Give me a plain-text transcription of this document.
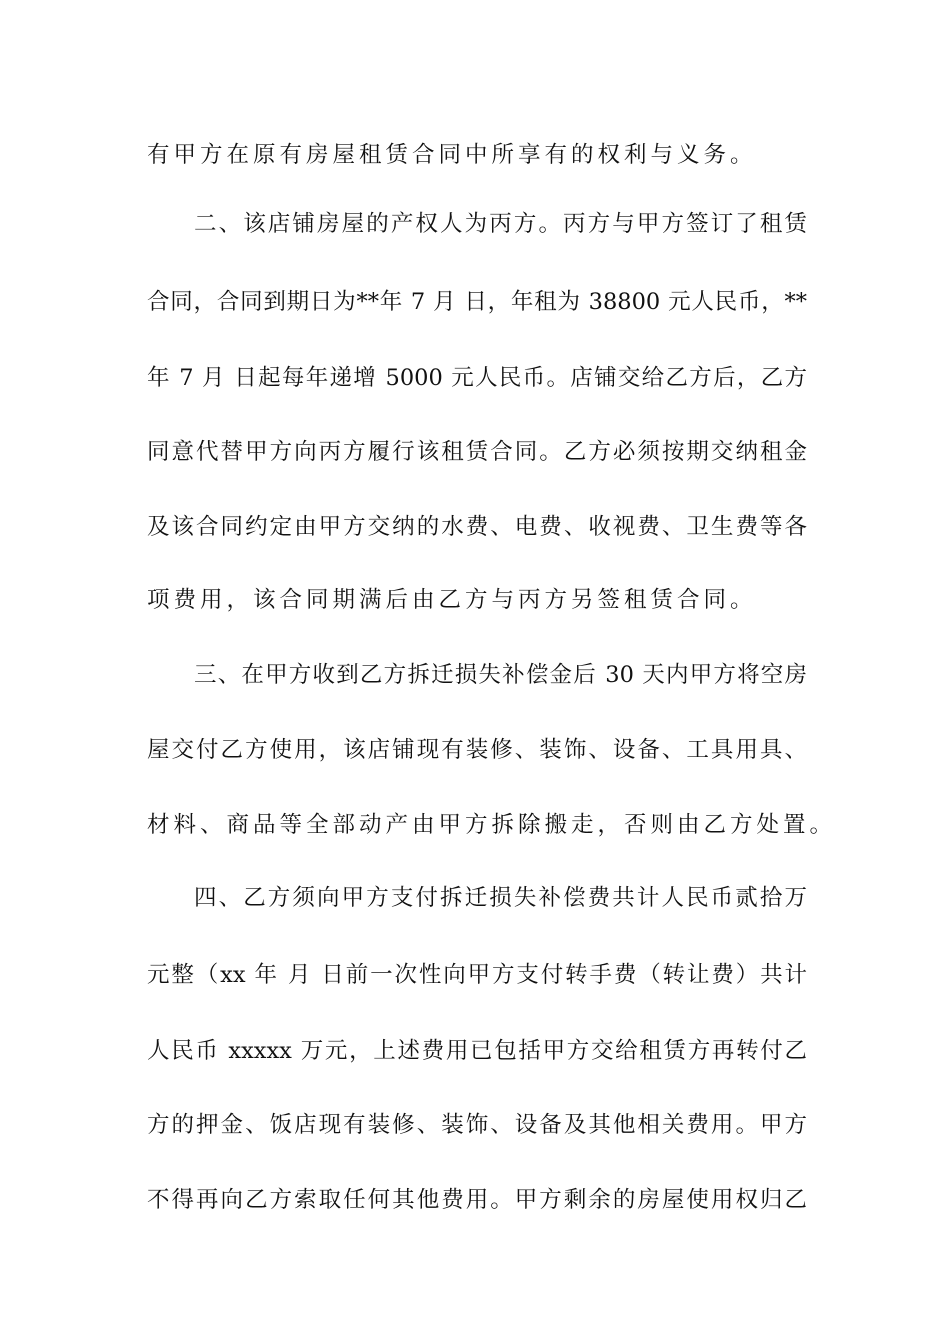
有甲方在原有房屋租赁合同中所享有的权利与义务。
二、该店铺房屋的产权人为丙方。丙方与甲方签订了租赁
合同，合同到期日为**年 7 月 日，年租为 38800 元人民币，**
年 7 月 日起每年递增 5000 元人民币。店铺交给乙方后，乙方
同意代替甲方向丙方履行该租赁合同。乙方必须按期交纳租金
及该合同约定由甲方交纳的水费、电费、收视费、卫生费等各
项费用，该合同期满后由乙方与丙方另签租赁合同。
三、在甲方收到乙方拆迁损失补偿金后 30 天内甲方将空房
屋交付乙方使用，该店铺现有装修、装饰、设备、工具用具、
材料、商品等全部动产由甲方拆除搬走，否则由乙方处置。
四、乙方须向甲方支付拆迁损失补偿费共计人民币贰拾万
元整（xx 年 月 日前一次性向甲方支付转手费（转让费）共计
人民币 xxxxx 万元，上述费用已包括甲方交给租赁方再转付乙
方的押金、饭店现有装修、装饰、设备及其他相关费用。甲方
不得再向乙方索取任何其他费用。甲方剩余的房屋使用权归乙
